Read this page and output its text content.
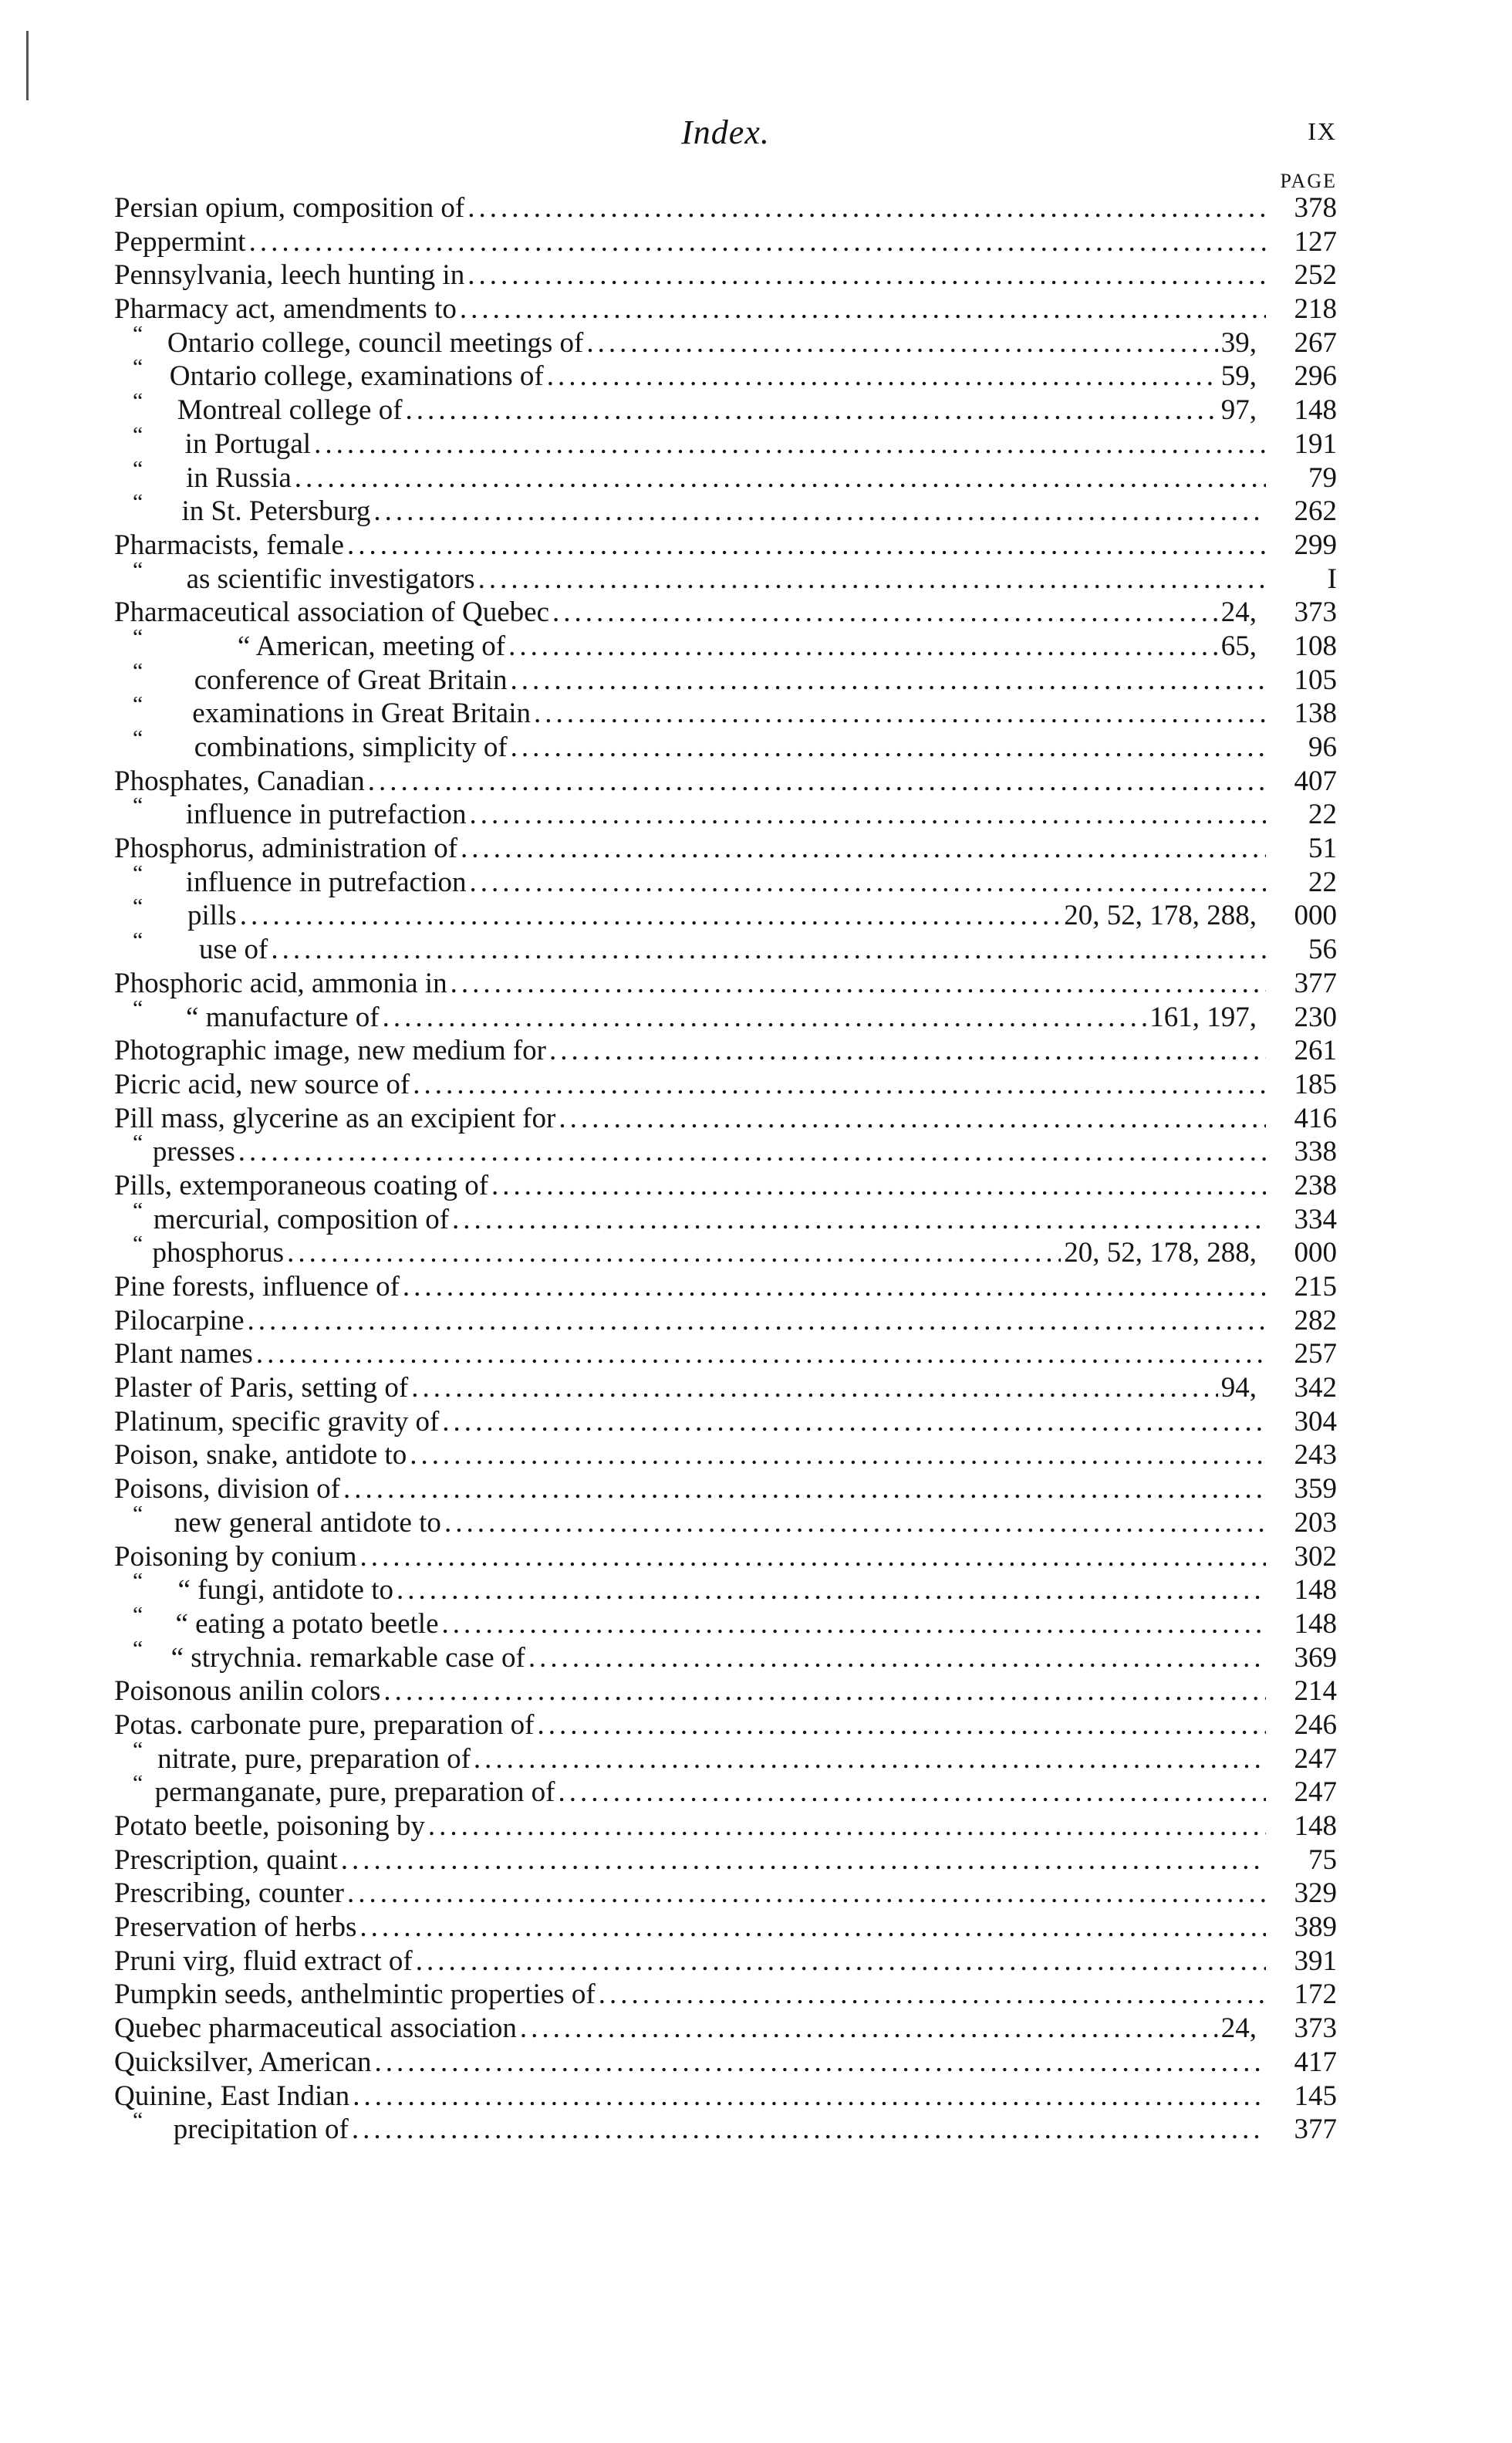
Index.	IX
PAGE
Persian opium, composition of .....	378
Peppermint .....	127
Pennsylvania, leech hunting in .....	252
Pharmacy act, amendments to .....	218
“ Ontario college, council meetings of .....	39,	267
“ Ontario college, examinations of .....	59,	296
“	Montreal college of .....	97,	148
“	in Portugal .....	191
“	in Russia .....	79
“	in St. Petersburg .....	262
Pharmacists, female .....	299
“	as scientific investigators .....	I
Pharmaceutical association of Quebec .....	24,	373
“	“ American, meeting of .....	65,	108
“	conference of Great Britain .....	105
“	examinations in Great Britain .....	138
“	combinations, simplicity of .....	96
Phosphates, Canadian .....	407
“	influence in putrefaction .....	22
Phosphorus, administration of .....	51
“	influence in putrefaction .....	22
“	pills .....	20, 52, 178, 288,	000
“	use of .....	56
Phosphoric acid, ammonia in .....	377
“	“ manufacture of .....	161, 197,	230
Photographic image, new medium for .....	261
Picric acid, new source of .....	185
Pill mass, glycerine as an excipient for .....	416
“ presses .....	338
Pills, extemporaneous coating of .....	238
“ mercurial, composition of .....	334
“ phosphorus .....	20, 52, 178, 288,	000
Pine forests, influence of .....	215
Pilocarpine .....	282
Plant names .....	257
Plaster of Paris, setting of .....	94,	342
Platinum, specific gravity of .....	304
Poison, snake, antidote to .....	243
Poisons, division of .....	359
“	new general antidote to .....	203
Poisoning by conium .....	302
“	“ fungi, antidote to .....	148
“	“ eating a potato beetle .....	148
“ “ strychnia. remarkable case of .....	369
Poisonous anilin colors .....	214
Potas. carbonate pure, preparation of .....	246
“ nitrate, pure, preparation of .....	247
“ permanganate, pure, preparation of .....	247
Potato beetle, poisoning by .....	148
Prescription, quaint .....	75
Prescribing, counter .....	329
Preservation of herbs .....	389
Pruni virg, fluid extract of .....	391
Pumpkin seeds, anthelmintic properties of .....	172
Quebec pharmaceutical association .....	24,	373
Quicksilver, American .....	417
Quinine, East Indian .....	145
“	precipitation of .....	377
